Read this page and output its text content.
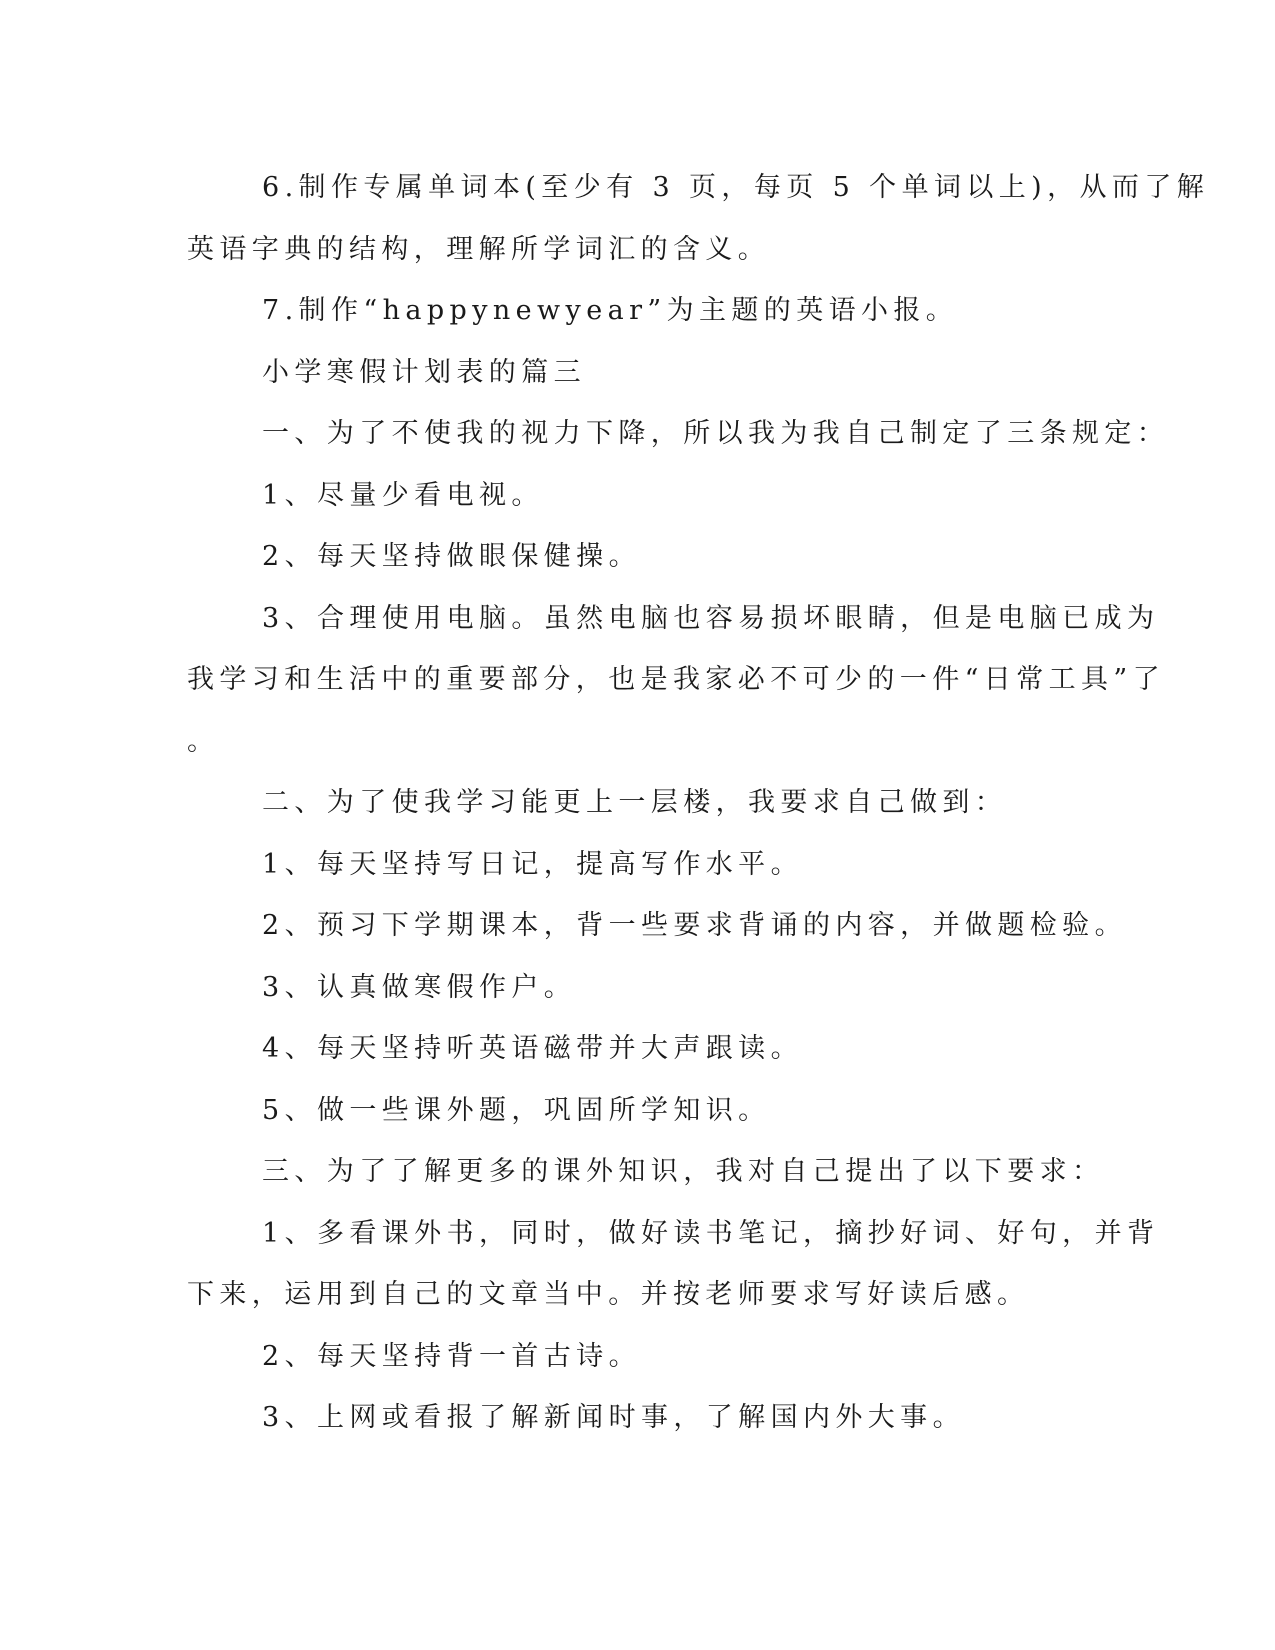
6.制作专属单词本(至少有 3 页，每页 5 个单词以上)，从而了解
英语字典的结构，理解所学词汇的含义。
7.制作“happynewyear”为主题的英语小报。
小学寒假计划表的篇三
一、为了不使我的视力下降，所以我为我自己制定了三条规定：
1、尽量少看电视。
2、每天坚持做眼保健操。
3、合理使用电脑。虽然电脑也容易损坏眼睛，但是电脑已成为
我学习和生活中的重要部分，也是我家必不可少的一件“日常工具”了
。
二、为了使我学习能更上一层楼，我要求自己做到：
1、每天坚持写日记，提高写作水平。
2、预习下学期课本，背一些要求背诵的内容，并做题检验。
3、认真做寒假作户。
4、每天坚持听英语磁带并大声跟读。
5、做一些课外题，巩固所学知识。
三、为了了解更多的课外知识，我对自己提出了以下要求：
1、多看课外书，同时，做好读书笔记，摘抄好词、好句，并背
下来，运用到自己的文章当中。并按老师要求写好读后感。
2、每天坚持背一首古诗。
3、上网或看报了解新闻时事，了解国内外大事。
